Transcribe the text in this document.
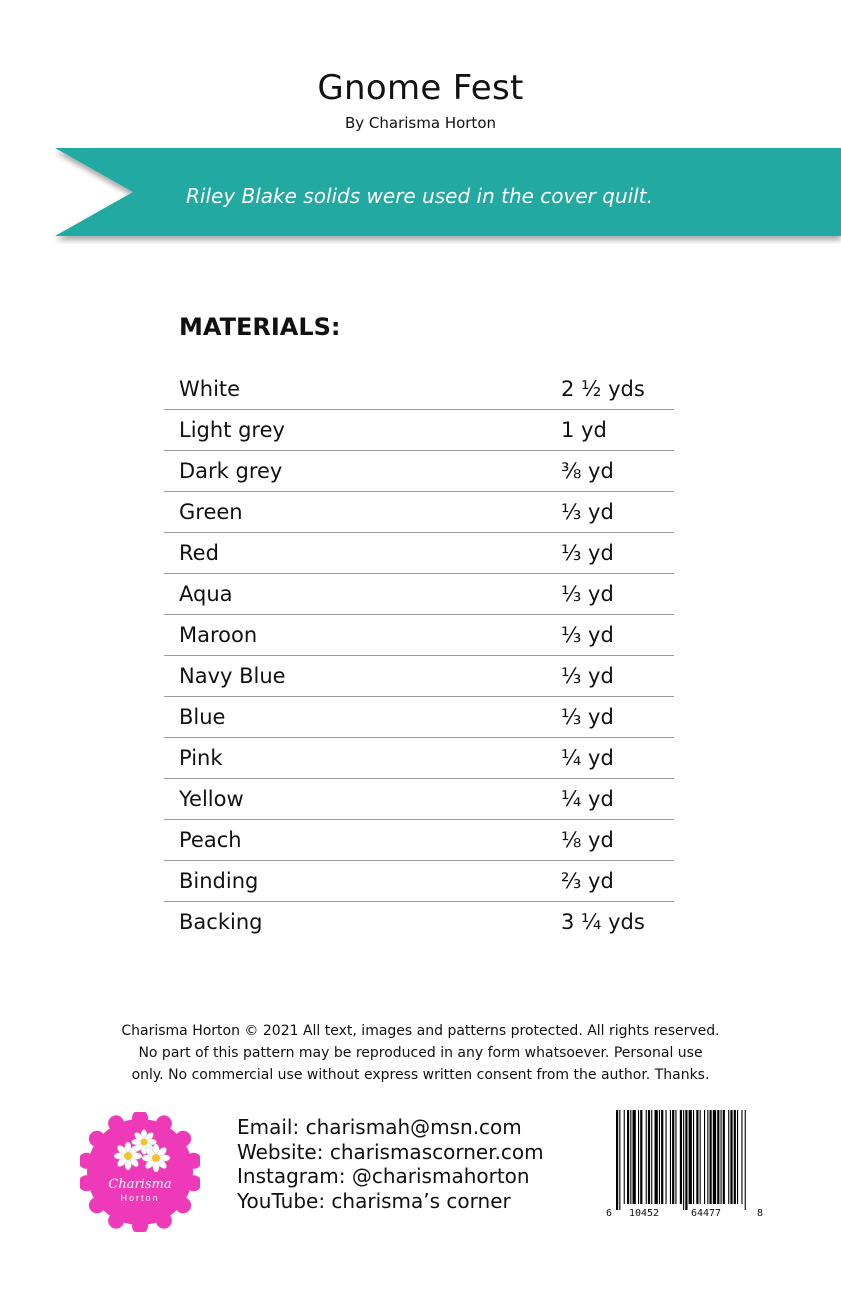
Gnome Fest
By Charisma Horton
Riley Blake solids were used in the cover quilt.
MATERIALS:
White	2 ½ yds
Light grey	1 yd
Dark grey	⅜ yd
Green	⅓ yd
Red	⅓ yd
Aqua	⅓ yd
Maroon	⅓ yd
Navy Blue	⅓ yd
Blue	⅓ yd
Pink	¼ yd
Yellow	¼ yd
Peach	⅛ yd
Binding	⅔ yd
Backing	3 ¼ yds
Charisma Horton © 2021 All text, images and patterns protected. All rights reserved.
No part of this pattern may be reproduced in any form whatsoever. Personal use
only. No commercial use without express written consent from the author. Thanks.
Charisma
Horton
Email: charismah@msn.com
Website: charismascorner.com
Instagram: @charismahorton
YouTube: charisma’s corner
6 10452	64477	8
